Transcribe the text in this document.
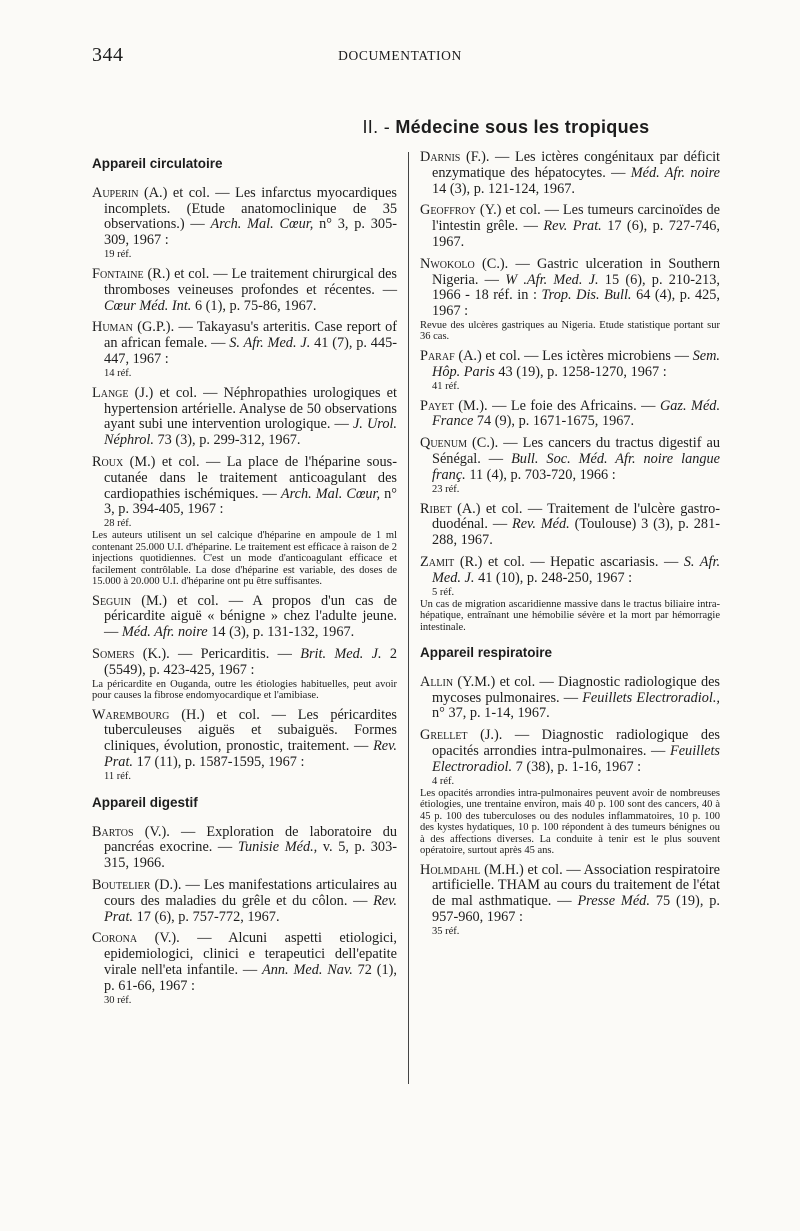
344	DOCUMENTATION
II. - Médecine sous les tropiques
Appareil circulatoire
Auperin (A.) et col. — Les infarctus myocardiques incomplets. (Etude anatomoclinique de 35 observations.) — Arch. Mal. Cœur, n° 3, p. 305-309, 1967 :
19 réf.
Fontaine (R.) et col. — Le traitement chirurgical des thromboses veineuses profondes et récentes. — Cœur Méd. Int. 6 (1), p. 75-86, 1967.
Human (G.P.). — Takayasu's arteritis. Case report of an african female. — S. Afr. Med. J. 41 (7), p. 445-447, 1967 :
14 réf.
Lange (J.) et col. — Néphropathies urologiques et hypertension artérielle. Analyse de 50 observations ayant subi une intervention urologique. — J. Urol. Néphrol. 73 (3), p. 299-312, 1967.
Roux (M.) et col. — La place de l'héparine sous-cutanée dans le traitement anticoagulant des cardiopathies ischémiques. — Arch. Mal. Cœur, n° 3, p. 394-405, 1967 :
28 réf.
Les auteurs utilisent un sel calcique d'héparine en ampoule de 1 ml contenant 25.000 U.I. d'héparine. Le traitement est efficace à raison de 2 injections quotidiennes. C'est un mode d'anticoagulant efficace et facilement contrôlable. La dose d'héparine est variable, des doses de 15.000 à 20.000 U.I. d'héparine ont pu être suffisantes.
Seguin (M.) et col. — A propos d'un cas de péricardite aiguë « bénigne » chez l'adulte jeune. — Méd. Afr. noire 14 (3), p. 131-132, 1967.
Somers (K.). — Pericarditis. — Brit. Med. J. 2 (5549), p. 423-425, 1967 :
La péricardite en Ouganda, outre les étiologies habituelles, peut avoir pour causes la fibrose endomyocardique et l'amibiase.
Warembourg (H.) et col. — Les péricardites tuberculeuses aiguës et subaiguës. Formes cliniques, évolution, pronostic, traitement. — Rev. Prat. 17 (11), p. 1587-1595, 1967 :
11 réf.
Appareil digestif
Bartos (V.). — Exploration de laboratoire du pancréas exocrine. — Tunisie Méd., v. 5, p. 303-315, 1966.
Boutelier (D.). — Les manifestations articulaires au cours des maladies du grêle et du côlon. — Rev. Prat. 17 (6), p. 757-772, 1967.
Corona (V.). — Alcuni aspetti etiologici, epidemiologici, clinici e terapeutici dell'epatite virale nell'eta infantile. — Ann. Med. Nav. 72 (1), p. 61-66, 1967 :
30 réf.
Darnis (F.). — Les ictères congénitaux par déficit enzymatique des hépatocytes. — Méd. Afr. noire 14 (3), p. 121-124, 1967.
Geoffroy (Y.) et col. — Les tumeurs carcinoïdes de l'intestin grêle. — Rev. Prat. 17 (6), p. 727-746, 1967.
Nwokolo (C.). — Gastric ulceration in Southern Nigeria. — W .Afr. Med. J. 15 (6), p. 210-213, 1966 - 18 réf. in : Trop. Dis. Bull. 64 (4), p. 425, 1967 :
Revue des ulcères gastriques au Nigeria. Etude statistique portant sur 36 cas.
Paraf (A.) et col. — Les ictères microbiens — Sem. Hôp. Paris 43 (19), p. 1258-1270, 1967 :
41 réf.
Payet (M.). — Le foie des Africains. — Gaz. Méd. France 74 (9), p. 1671-1675, 1967.
Quenum (C.). — Les cancers du tractus digestif au Sénégal. — Bull. Soc. Méd. Afr. noire langue franç. 11 (4), p. 703-720, 1966 :
23 réf.
Ribet (A.) et col. — Traitement de l'ulcère gastro-duodénal. — Rev. Méd. (Toulouse) 3 (3), p. 281-288, 1967.
Zamit (R.) et col. — Hepatic ascariasis. — S. Afr. Med. J. 41 (10), p. 248-250, 1967 :
5 réf.
Un cas de migration ascaridienne massive dans le tractus biliaire intra-hépatique, entraînant une hémobilie sévère et la mort par hémorragie intestinale.
Appareil respiratoire
Allin (Y.M.) et col. — Diagnostic radiologique des mycoses pulmonaires. — Feuillets Electroradiol., n° 37, p. 1-14, 1967.
Grellet (J.). — Diagnostic radiologique des opacités arrondies intra-pulmonaires. — Feuillets Electroradiol. 7 (38), p. 1-16, 1967 :
4 réf.
Les opacités arrondies intra-pulmonaires peuvent avoir de nombreuses étiologies, une trentaine environ, mais 40 p. 100 sont des cancers, 40 à 45 p. 100 des tuberculoses ou des nodules inflammatoires, 10 p. 100 des kystes hydatiques, 10 p. 100 répondent à des tumeurs bénignes ou à des affections diverses. La conduite à tenir est le plus souvent opératoire, surtout après 45 ans.
Holmdahl (M.H.) et col. — Association respiratoire artificielle. THAM au cours du traitement de l'état de mal asthmatique. — Presse Méd. 75 (19), p. 957-960, 1967 :
35 réf.
